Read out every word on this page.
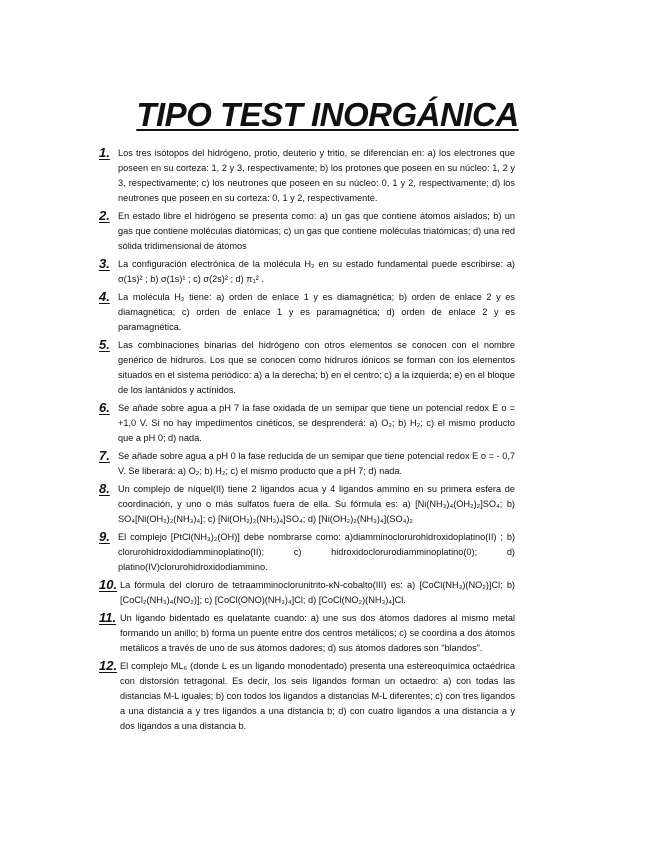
TIPO TEST INORGÁNICA
1. Los tres isótopos del hidrógeno, protio, deuterio y tritio, se diferencian en: a) los electrones que poseen en su corteza: 1, 2 y 3, respectivamente; b) los protones que poseen en su núcleo: 1, 2 y 3, respectivamente; c) los neutrones que poseen en su núcleo: 0, 1 y 2, respectivamente; d) los neutrones que poseen en su corteza: 0, 1 y 2, respectivamente.
2. En estado libre el hidrógeno se presenta como: a) un gas que contiene átomos aislados; b) un gas que contiene moléculas diatómicas; c) un gas que contiene moléculas triatómicas; d) una red sólida tridimensional de átomos
3. La configuración electrónica de la molécula H₂ en su estado fundamental puede escribirse: a) σ(1s)² ; b) σ(1s)¹ ; c) σ(2s)² ; d) π₁² .
4. La molécula H₂ tiene: a) orden de enlace 1 y es diamagnética; b) orden de enlace 2 y es diamagnética; c) orden de enlace 1 y es paramagnética; d) orden de enlace 2 y es paramagnética.
5. Las combinaciones binarias del hidrógeno con otros elementos se conocen con el nombre genérico de hidruros. Los que se conocen como hidruros iónicos se forman con los elementos situados en el sistema periódico: a) a la derecha; b) en el centro; c) a la izquierda; e) en el bloque de los lantánidos y actínidos.
6. Se añade sobre agua a pH 7 la fase oxidada de un semipar que tiene un potencial redox E o = +1,0 V. Si no hay impedimentos cinéticos, se desprenderá: a) O₂; b) H₂; c) el mismo producto que a pH 0; d) nada.
7. Se añade sobre agua a pH 0 la fase reducida de un semipar que tiene potencial redox E o = - 0,7 V. Se liberará: a) O₂; b) H₂; c) el mismo producto que a pH 7; d) nada.
8. Un complejo de níquel(II) tiene 2 ligandos acua y 4 ligandos ammino en su primera esfera de coordinación, y uno o más sulfatos fuera de ella. Su fórmula es: a) [Ni(NH₃)₄(OH₂)₂]SO₄; b) SO₄[Ni(OH₂)₂(NH₃)₄]; c) [Ni(OH₂)₂(NH₃)₄]SO₄; d) [Ni(OH₂)₂(NH₃)₄](SO₄)₂
9. El complejo [PtCl(NH₃)₂(OH)] debe nombrarse como: a)diamminoclorurohidroxidoplatino(II) ; b) clorurohidroxidodiamminoplatino(II); c) hidroxidoclorurodiamminoplatino(0); d) platino(IV)clorurohidroxidodiammino.
10. La fórmula del cloruro de tetraamminoclorunitrito-κN-cobalto(III) es: a) [CoCl(NH₃)(NO₂)]Cl; b) [CoCl₂(NH₃)₄(NO₂)]; c) [CoCl(ONO)(NH₃)₄]Cl; d) [CoCl(NO₂)(NH₃)₄]Cl.
11. Un ligando bidentado es quelatante cuando: a) une sus dos átomos dadores al mismo metal formando un anillo; b) forma un puente entre dos centros metálicos; c) se coordina a dos átomos metálicos a través de uno de sus átomos dadores; d) sus átomos dadores son "blandos".
12. El complejo ML₆ (donde L es un ligando monodentado) presenta una estereoquímica octaédrica con distorsión tetragonal. Es decir, los seis ligandos forman un octaedro: a) con todas las distancias M-L iguales; b) con todos los ligandos a distancias M-L diferentes; c) con tres ligandos a una distancia a y tres ligandos a una distancia b; d) con cuatro ligandos a una distancia a y dos ligandos a una distancia b.
